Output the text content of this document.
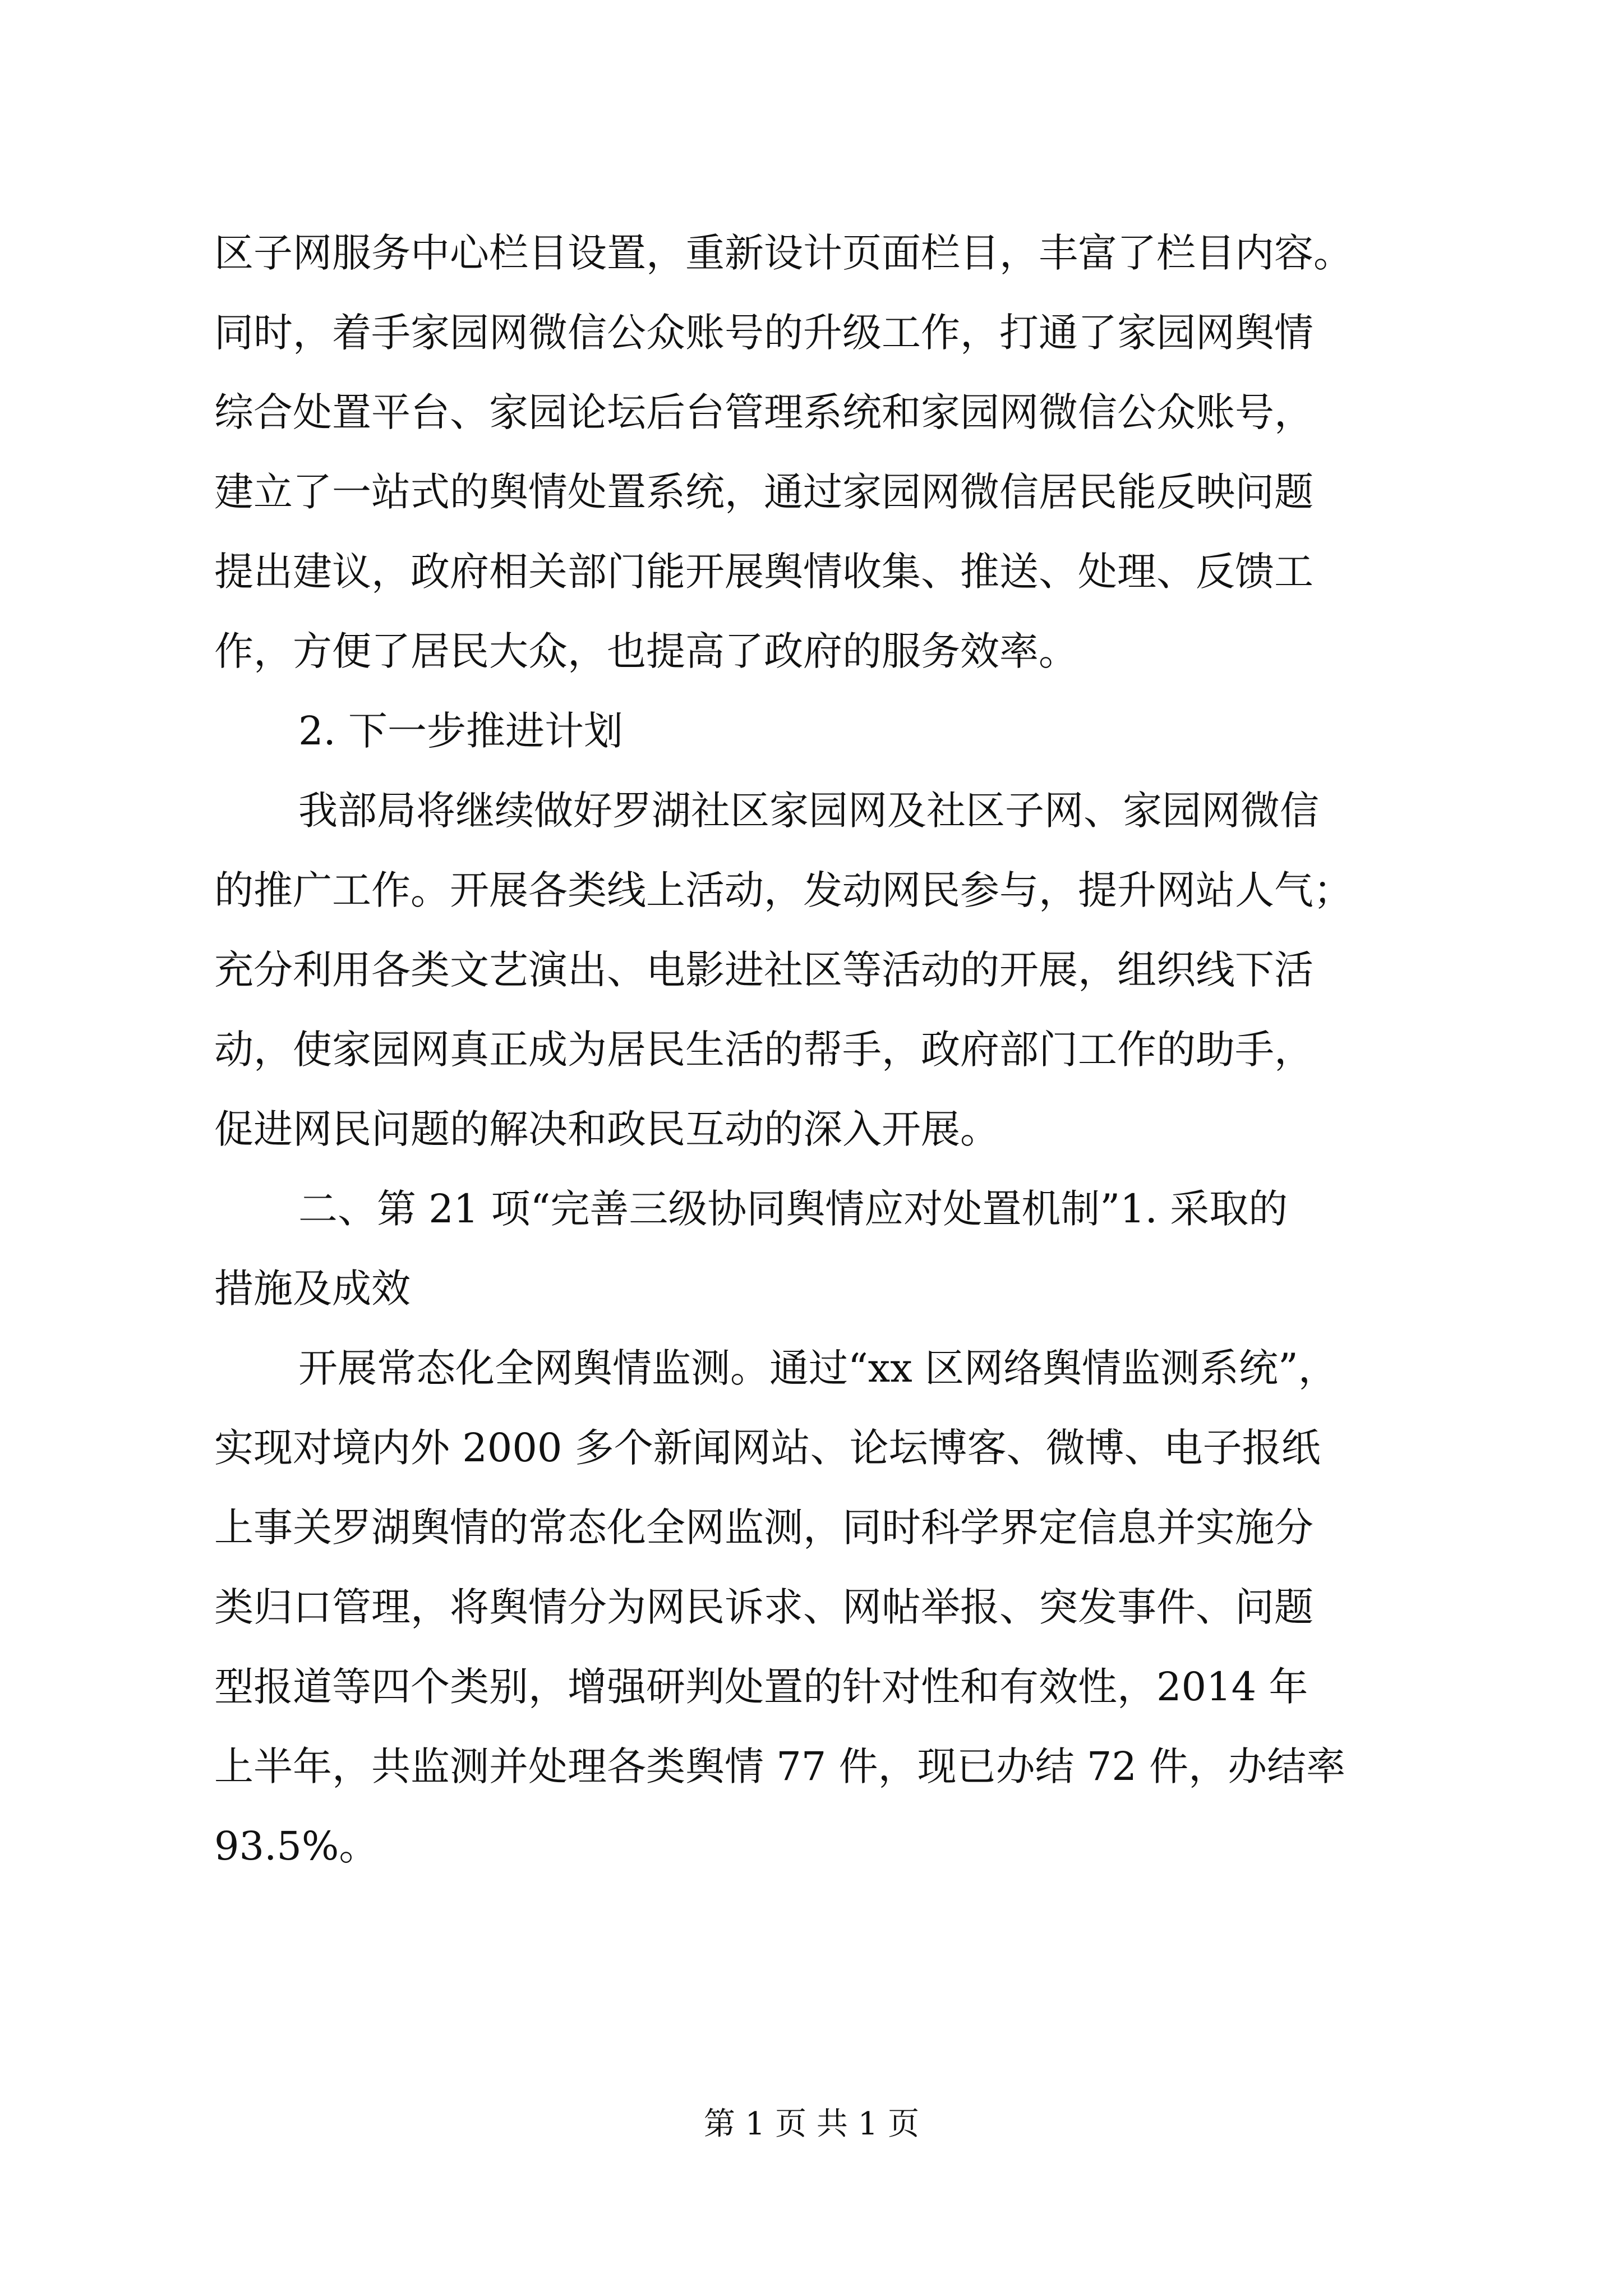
区子网服务中心栏目设置，重新设计页面栏目，丰富了栏目内容。
同时，着手家园网微信公众账号的升级工作，打通了家园网舆情
综合处置平台、家园论坛后台管理系统和家园网微信公众账号，
建立了一站式的舆情处置系统，通过家园网微信居民能反映问题
提出建议，政府相关部门能开展舆情收集、推送、处理、反馈工
作，方便了居民大众，也提高了政府的服务效率。
2. 下一步推进计划
我部局将继续做好罗湖社区家园网及社区子网、家园网微信
的推广工作。开展各类线上活动，发动网民参与，提升网站人气；
充分利用各类文艺演出、电影进社区等活动的开展，组织线下活
动，使家园网真正成为居民生活的帮手，政府部门工作的助手，
促进网民问题的解决和政民互动的深入开展。
二、第 21 项“完善三级协同舆情应对处置机制”1. 采取的
措施及成效
开展常态化全网舆情监测。通过“xx 区网络舆情监测系统”，
实现对境内外 2000 多个新闻网站、论坛博客、微博、电子报纸
上事关罗湖舆情的常态化全网监测，同时科学界定信息并实施分
类归口管理，将舆情分为网民诉求、网帖举报、突发事件、问题
型报道等四个类别，增强研判处置的针对性和有效性，2014 年
上半年，共监测并处理各类舆情 77 件，现已办结 72 件，办结率
93.5%。
第 1 页 共 1 页
